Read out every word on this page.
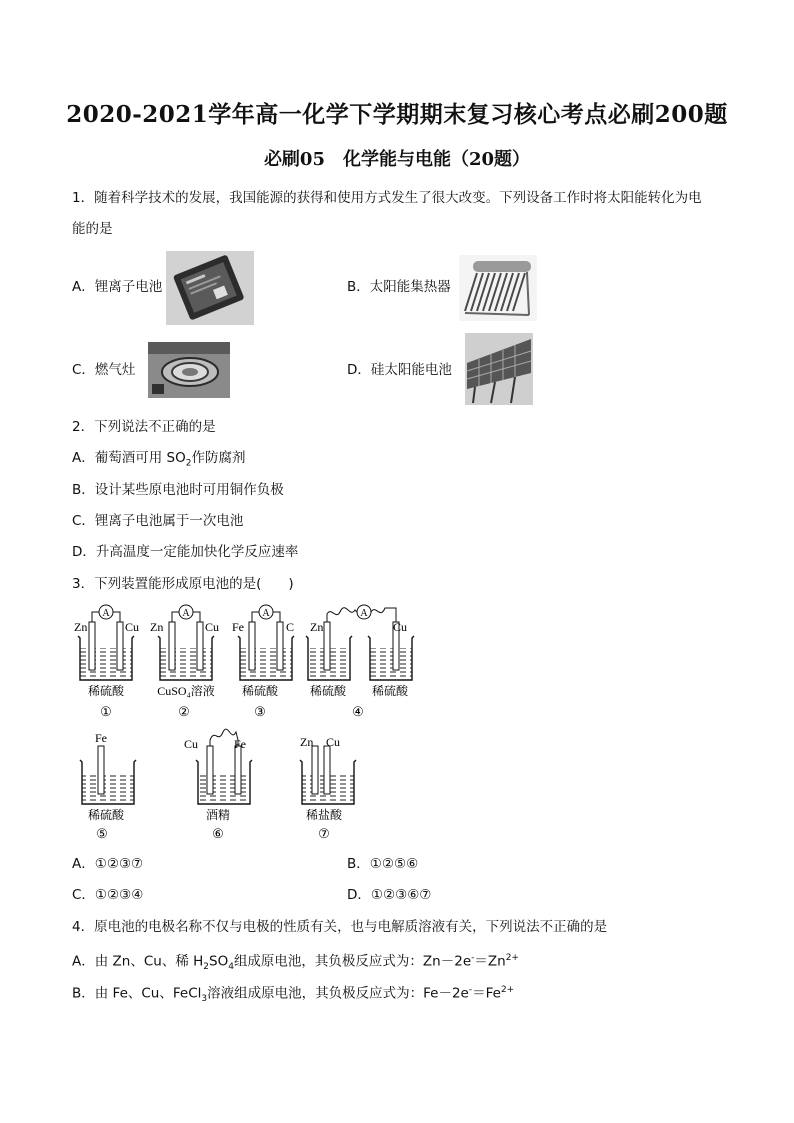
2020-2021学年高一化学下学期期末复习核心考点必刷200题
必刷05　化学能与电能（20题）
1．随着科学技术的发展，我国能源的获得和使用方式发生了很大改变。下列设备工作时将太阳能转化为电
能的是
A．锂离子电池	B．太阳能集热器
C．燃气灶	D．硅太阳能电池
2．下列说法不正确的是
A．葡萄酒可用 $SO_2$作防腐剂
B．设计某些原电池时可用铜作负极
C．锂离子电池属于一次电池
D．升高温度一定能加快化学反应速率
3．下列装置能形成原电池的是(　　)
A
Zn	Cu
稀硫酸
①
A
Zn	Cu
CuSO₄溶液
②
A
Fe	C
稀硫酸
③
A
Zn	Cu
稀硫酸 稀硫酸
④
Fe
稀硫酸
⑤
Cu	Fe
酒精
⑥
Zn Cu
稀盐酸
⑦
A．①②③⑦	B．①②⑤⑥
C．①②③④	D．①②③⑥⑦
4．原电池的电极名称不仅与电极的性质有关，也与电解质溶液有关，下列说法不正确的是
A．由 Zn、Cu、稀 $H_2SO_4$组成原电池，其负极反应式为：$Zn-2e^-=Zn^{2+}$
B．由 Fe、Cu、FeCl$_3$溶液组成原电池，其负极反应式为：$Fe-2e^-=Fe^{2+}$
